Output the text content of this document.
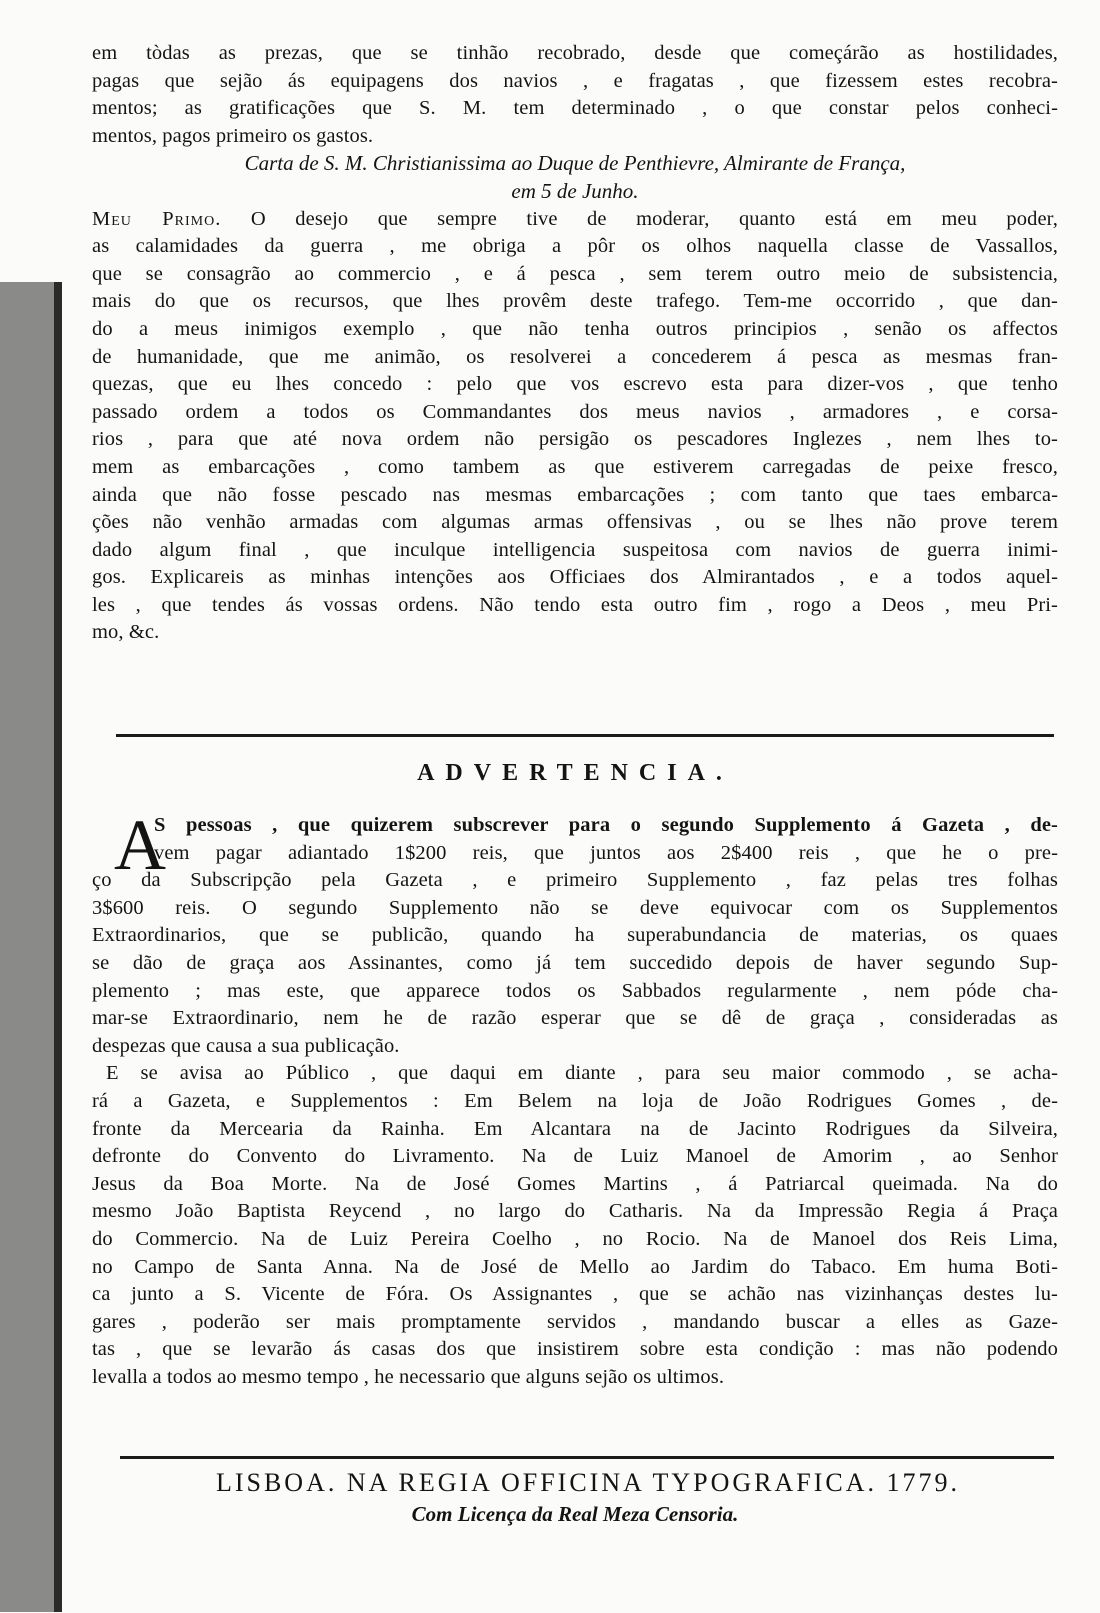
em tòdas as prezas, que se tinhão recobrado, desde que começárão as hostilidades,
pagas que sejão ás equipagens dos navios , e fragatas , que fizessem estes recobra-
mentos; as gratificações que S. M. tem determinado , o que constar pelos conheci-
mentos, pagos primeiro os gastos.
Carta de S. M. Christianissima ao Duque de Penthievre, Almirante de França,
em 5 de Junho.
Meu Primo. O desejo que sempre tive de moderar, quanto está em meu poder,
as calamidades da guerra , me obriga a pôr os olhos naquella classe de Vassallos,
que se consagrão ao commercio , e á pesca , sem terem outro meio de subsistencia,
mais do que os recursos, que lhes provêm deste trafego. Tem-me occorrido , que dan-
do a meus inimigos exemplo , que não tenha outros principios , senão os affectos
de humanidade, que me animão, os resolverei a concederem á pesca as mesmas fran-
quezas, que eu lhes concedo : pelo que vos escrevo esta para dizer-vos , que tenho
passado ordem a todos os Commandantes dos meus navios , armadores , e corsa-
rios , para que até nova ordem não persigão os pescadores Inglezes , nem lhes to-
mem as embarcações , como tambem as que estiverem carregadas de peixe fresco,
ainda que não fosse pescado nas mesmas embarcações ; com tanto que taes embarca-
ções não venhão armadas com algumas armas offensivas , ou se lhes não prove terem
dado algum final , que inculque intelligencia suspeitosa com navios de guerra inimi-
gos. Explicareis as minhas intenções aos Officiaes dos Almirantados , e a todos aquel-
les , que tendes ás vossas ordens. Não tendo esta outro fim , rogo a Deos , meu Pri-
mo, &c.
ADVERTENCIA.
A
S pessoas , que quizerem subscrever para o segundo Supplemento á Gazeta , de-
vem pagar adiantado 1$200 reis, que juntos aos 2$400 reis , que he o pre-
ço da Subscripção pela Gazeta , e primeiro Supplemento , faz pelas tres folhas
3$600 reis. O segundo Supplemento não se deve equivocar com os Supplementos
Extraordinarios, que se publicão, quando ha superabundancia de materias, os quaes
se dão de graça aos Assinantes, como já tem succedido depois de haver segundo Sup-
plemento ; mas este, que apparece todos os Sabbados regularmente , nem póde cha-
mar-se Extraordinario, nem he de razão esperar que se dê de graça , consideradas as
despezas que causa a sua publicação.
E se avisa ao Público , que daqui em diante , para seu maior commodo , se acha-
rá a Gazeta, e Supplementos : Em Belem na loja de João Rodrigues Gomes , de-
fronte da Mercearia da Rainha. Em Alcantara na de Jacinto Rodrigues da Silveira,
defronte do Convento do Livramento. Na de Luiz Manoel de Amorim , ao Senhor
Jesus da Boa Morte. Na de José Gomes Martins , á Patriarcal queimada. Na do
mesmo João Baptista Reycend , no largo do Catharis. Na da Impressão Regia á Praça
do Commercio. Na de Luiz Pereira Coelho , no Rocio. Na de Manoel dos Reis Lima,
no Campo de Santa Anna. Na de José de Mello ao Jardim do Tabaco. Em huma Boti-
ca junto a S. Vicente de Fóra. Os Assignantes , que se achão nas vizinhanças destes lu-
gares , poderão ser mais promptamente servidos , mandando buscar a elles as Gaze-
tas , que se levarão ás casas dos que insistirem sobre esta condição : mas não podendo
levalla a todos ao mesmo tempo , he necessario que alguns sejão os ultimos.
LISBOA. NA REGIA OFFICINA TYPOGRAFICA. 1779.
Com Licença da Real Meza Censoria.
